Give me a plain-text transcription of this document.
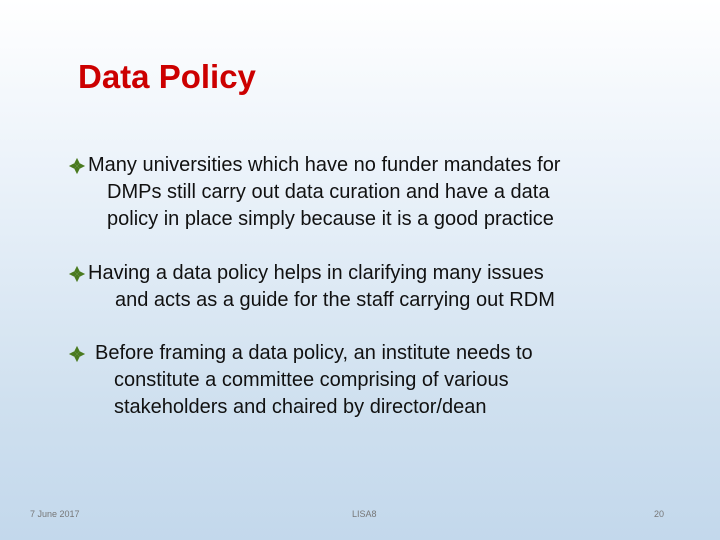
Data Policy
Many universities which have no funder mandates for
DMPs still carry out data curation and have a data
policy in place simply because it is a good practice
Having a data policy helps in clarifying many issues
and acts as a guide for the staff carrying out RDM
Before framing a data policy, an institute needs to
constitute a committee comprising of various
stakeholders and chaired by director/dean
7 June 2017	LISA8	20
